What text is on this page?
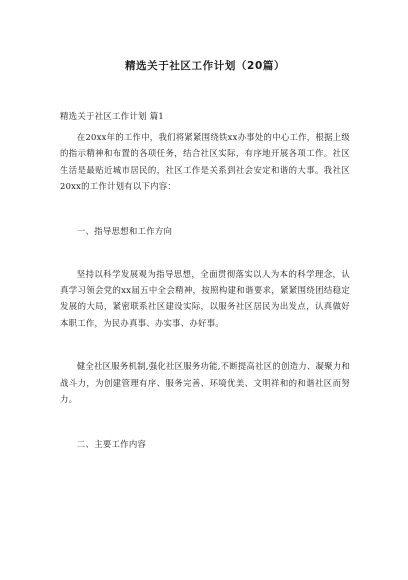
精选关于社区工作计划（20篇）

精选关于社区工作计划 篇1

在20xx年的工作中，我们将紧紧围绕铁xx办事处的中心工作，根据上级的指示精神和布置的各项任务，结合社区实际，有序地开展各项工作。社区生活是最贴近城市居民的，社区工作是关系到社会安定和谐的大事。我社区20xx的工作计划有以下内容：

一、指导思想和工作方向

坚持以科学发展观为指导思想，全面贯彻落实以人为本的科学理念，认真学习领会党的xx届五中全会精神，按照构建和谐要求，紧紧围绕团结稳定发展的大局，紧密联系社区建设实际，以服务社区居民为出发点，认真做好本职工作，为民办真事、办实事、办好事。

健全社区服务机制,强化社区服务功能,不断提高社区的创造力、凝聚力和战斗力，为创建管理有序、服务完善、环境优美、文明祥和的和谐社区而努力。

二、主要工作内容
